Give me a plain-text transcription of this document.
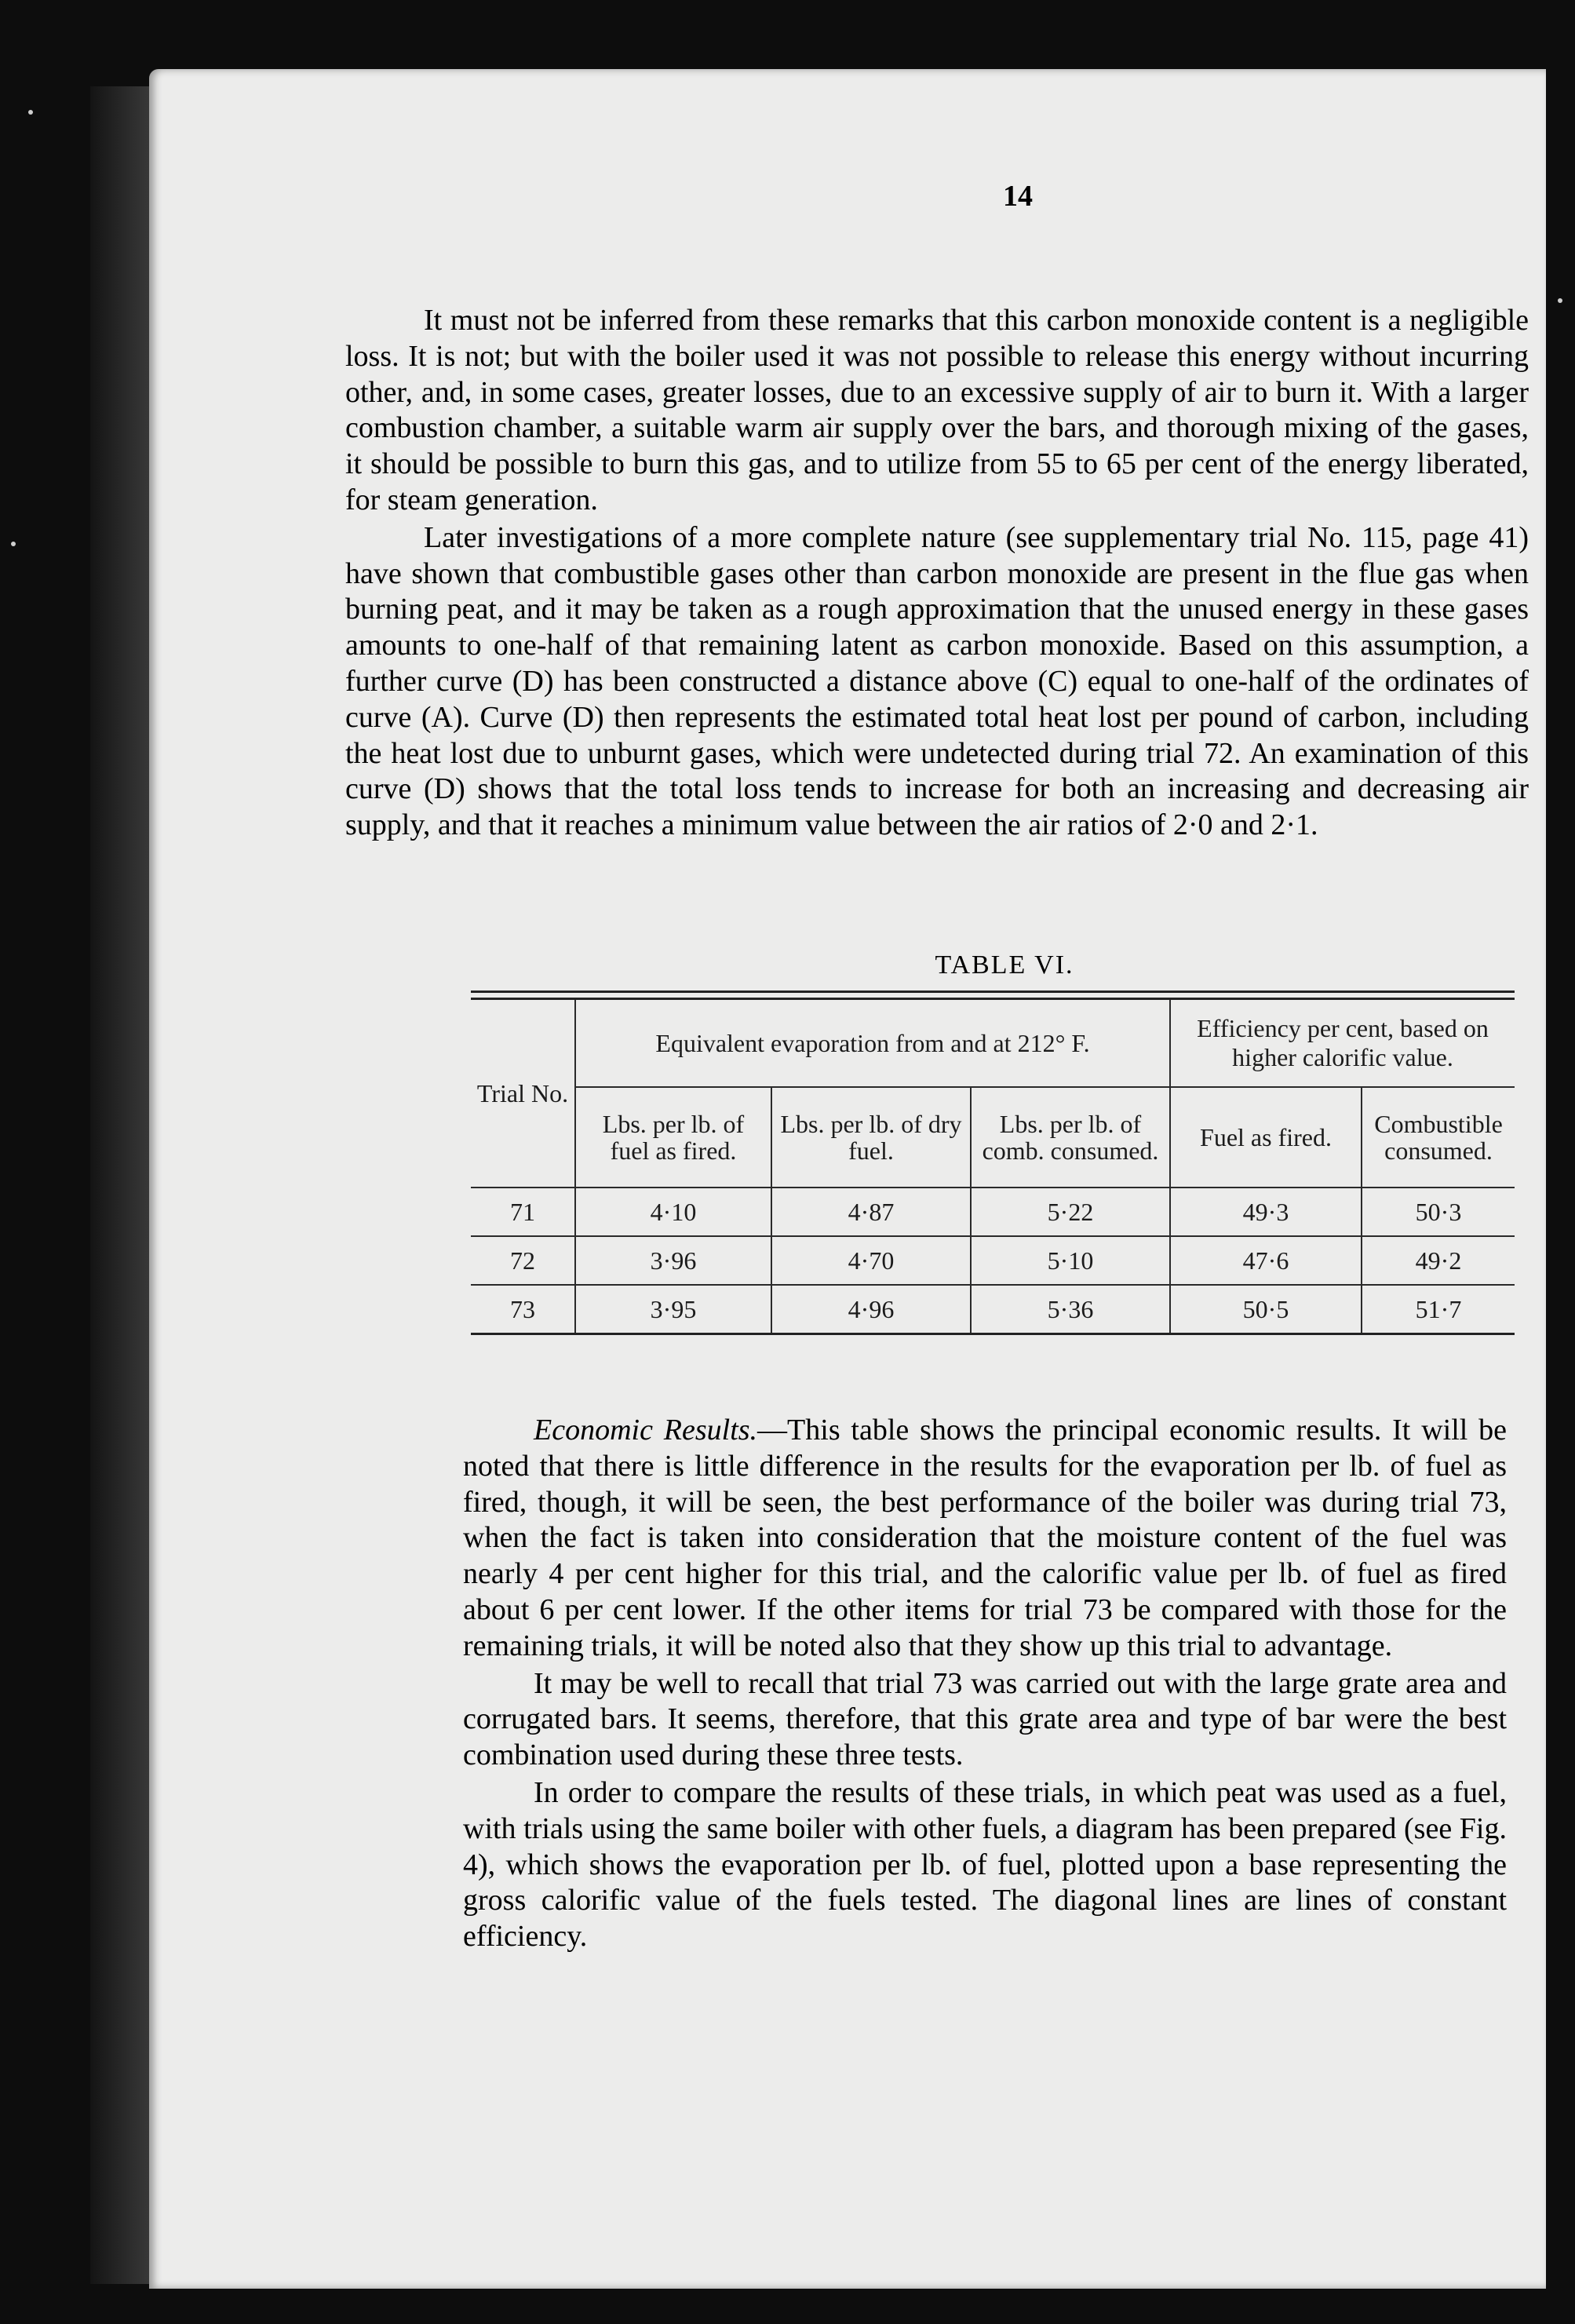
14

It must not be inferred from these remarks that this carbon monoxide content is a negligible loss. It is not; but with the boiler used it was not possible to release this energy without incurring other, and, in some cases, greater losses, due to an excessive supply of air to burn it. With a larger combustion chamber, a suitable warm air supply over the bars, and thorough mixing of the gases, it should be possible to burn this gas, and to utilize from 55 to 65 per cent of the energy liberated, for steam generation.

Later investigations of a more complete nature (see supplementary trial No. 115, page 41) have shown that combustible gases other than carbon monoxide are present in the flue gas when burning peat, and it may be taken as a rough approximation that the unused energy in these gases amounts to one-half of that remaining latent as carbon monoxide. Based on this assumption, a further curve (D) has been constructed a distance above (C) equal to one-half of the ordinates of curve (A). Curve (D) then represents the estimated total heat lost per pound of carbon, including the heat lost due to unburnt gases, which were undetected during trial 72. An examination of this curve (D) shows that the total loss tends to increase for both an increasing and decreasing air supply, and that it reaches a minimum value between the air ratios of 2·0 and 2·1.

TABLE VI.
Trial No.	Equivalent evaporation from and at 212° F.			Efficiency per cent, based on higher calorific value.	
	Lbs. per lb. of fuel as fired.	Lbs. per lb. of dry fuel.	Lbs. per lb. of comb. consumed.	Fuel as fired.	Combustible consumed.
71	4·10	4·87	5·22	49·3	50·3
72	3·96	4·70	5·10	47·6	49·2
73	3·95	4·96	5·36	50·5	51·7

Economic Results.—This table shows the principal economic results. It will be noted that there is little difference in the results for the evaporation per lb. of fuel as fired, though, it will be seen, the best performance of the boiler was during trial 73, when the fact is taken into consideration that the moisture content of the fuel was nearly 4 per cent higher for this trial, and the calorific value per lb. of fuel as fired about 6 per cent lower. If the other items for trial 73 be compared with those for the remaining trials, it will be noted also that they show up this trial to advantage.

It may be well to recall that trial 73 was carried out with the large grate area and corrugated bars. It seems, therefore, that this grate area and type of bar were the best combination used during these three tests.

In order to compare the results of these trials, in which peat was used as a fuel, with trials using the same boiler with other fuels, a diagram has been prepared (see Fig. 4), which shows the evaporation per lb. of fuel, plotted upon a base representing the gross calorific value of the fuels tested. The diagonal lines are lines of constant efficiency.
